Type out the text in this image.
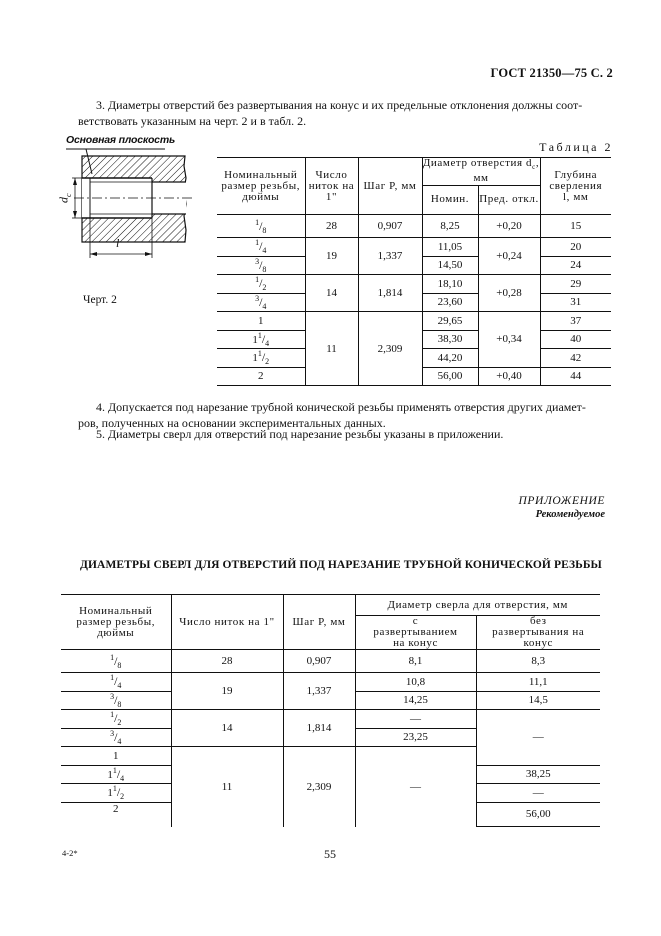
ГОСТ 21350—75 С. 2
3. Диаметры отверстий без развертывания на конус и их предельные отклонения должны соот-
ветствовать указанным на черт. 2 и в табл. 2.
Основная плоскость
$d_с$
l
Черт. 2
Таблица 2
Номинальный размер резьбы, дюймы	Число ниток на 1"	Шаг P, мм	Диаметр отверстия $d_с$, мм		Глубина сверления l, мм
			Номин.	Пред. откл.	
$^1/_8$	28	0,907	8,25	+0,20	15
$^1/_4$	19	1,337	11,05	+0,24	20
$^3/_8$			14,50		24
$^1/_2$	14	1,814	18,10	+0,28	29
$^3/_4$			23,60		31
1	11	2,309	29,65	+0,34	37
$1^1/_4$			38,30		40
$1^1/_2$			44,20		42
2			56,00	+0,40	44
4. Допускается под нарезание трубной конической резьбы применять отверстия других диамет-
ров, полученных на основании экспериментальных данных.
5. Диаметры сверл для отверстий под нарезание резьбы указаны в приложении.
ПРИЛОЖЕНИЕ
Рекомендуемое
ДИАМЕТРЫ СВЕРЛ ДЛЯ ОТВЕРСТИЙ ПОД НАРЕЗАНИЕ ТРУБНОЙ КОНИЧЕСКОЙ РЕЗЬБЫ
Номинальный размер резьбы, дюймы	Число ниток на 1"	Шаг P, мм	Диаметр сверла для отверстия, мм	
			с развертыванием на конус	без развертывания на конус
$^1/_8$	28	0,907	8,1	8,3
$^1/_4$	19	1,337	10,8	11,1
$^3/_8$			14,25	14,5
$^1/_2$	14	1,814	—	—
$^3/_4$			23,25	
1	11	2,309	—	
$1^1/_4$				38,25
$1^1/_2$				—
2				56,00
4-2*	55
